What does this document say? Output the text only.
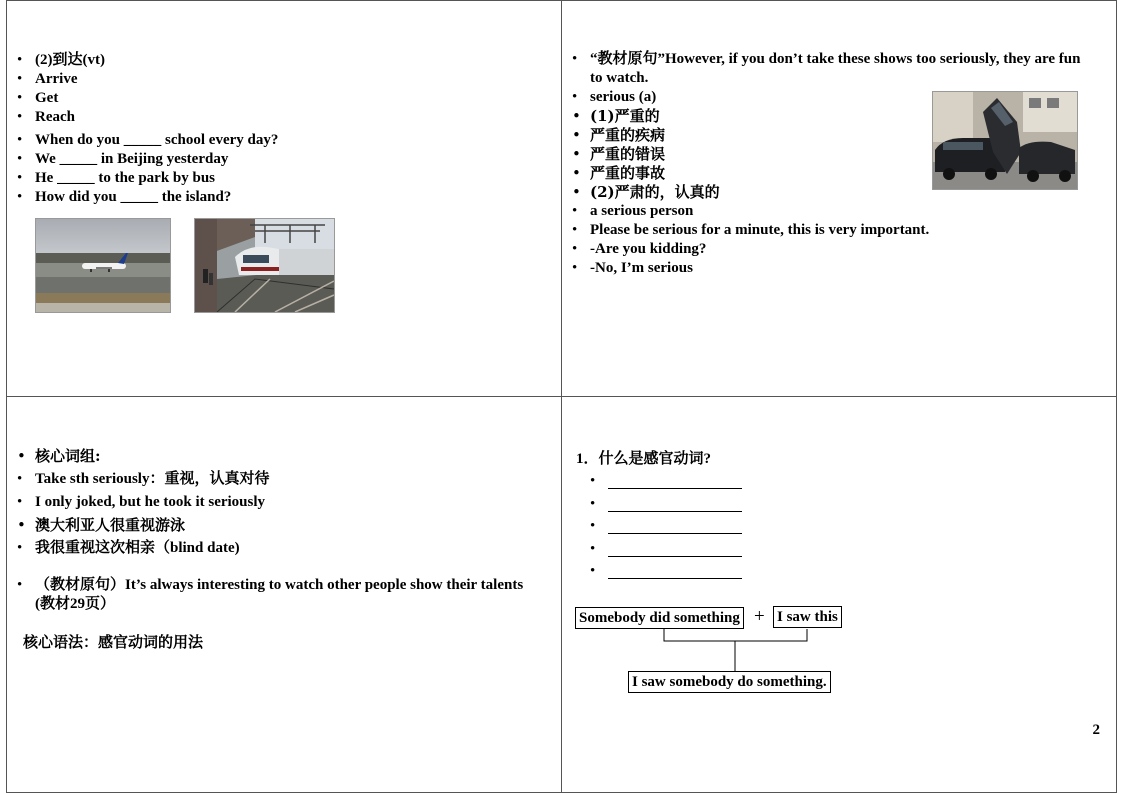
• (2)到达(vt)
• Arrive
• Get
• Reach
• When do you _____ school every day?
• We _____ in Beijing yesterday
• He _____ to the park by bus
• How did you _____ the island?
• “教材原句”However, if you don’t take these shows too seriously, they are fun to watch.
• serious (a)
• (1)严重的
• 严重的疾病
• 严重的错误
• 严重的事故
• (2)严肃的，认真的
• a serious person
• Please be serious for a minute, this is very important.
• -Are you kidding?
• -No, I’m serious
• 核心词组:
• Take sth seriously：重视，认真对待
• I only joked, but he took it seriously
• 澳大利亚人很重视游泳
• 我很重视这次相亲（blind date)
• （教材原句）It’s always interesting to watch other people show their talents (教材29页）
核心语法：感官动词的用法
1．什么是感官动词?
•
•
•
•
•
Somebody did something + I saw this
I saw somebody do something.
2
